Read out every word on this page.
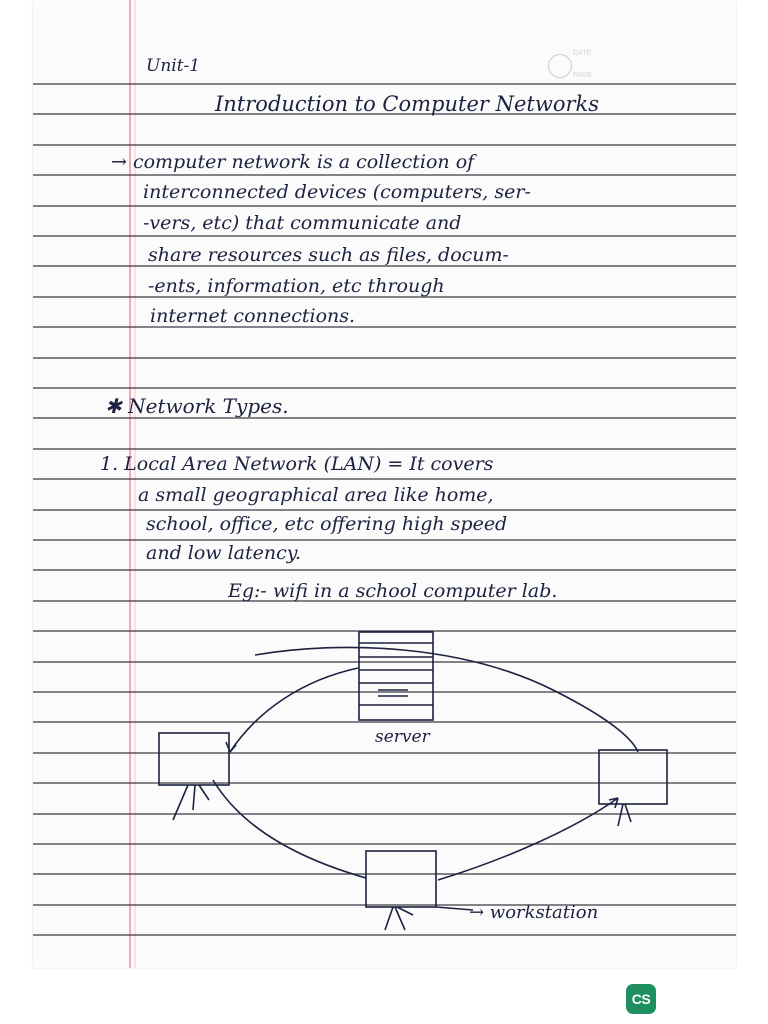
DATE
PAGE
Unit-1
Introduction to Computer Networks
→ computer network is a collection of
interconnected devices (computers, ser-
-vers, etc) that communicate and
share resources such as files, docum-
-ents, information, etc through
internet connections.
✱ Network Types.
1. Local Area Network (LAN) = It covers
a small geographical area like home,
school, office, etc offering high speed
and low latency.
Eg:- wifi in a school computer lab.
server
→ workstation
CS
